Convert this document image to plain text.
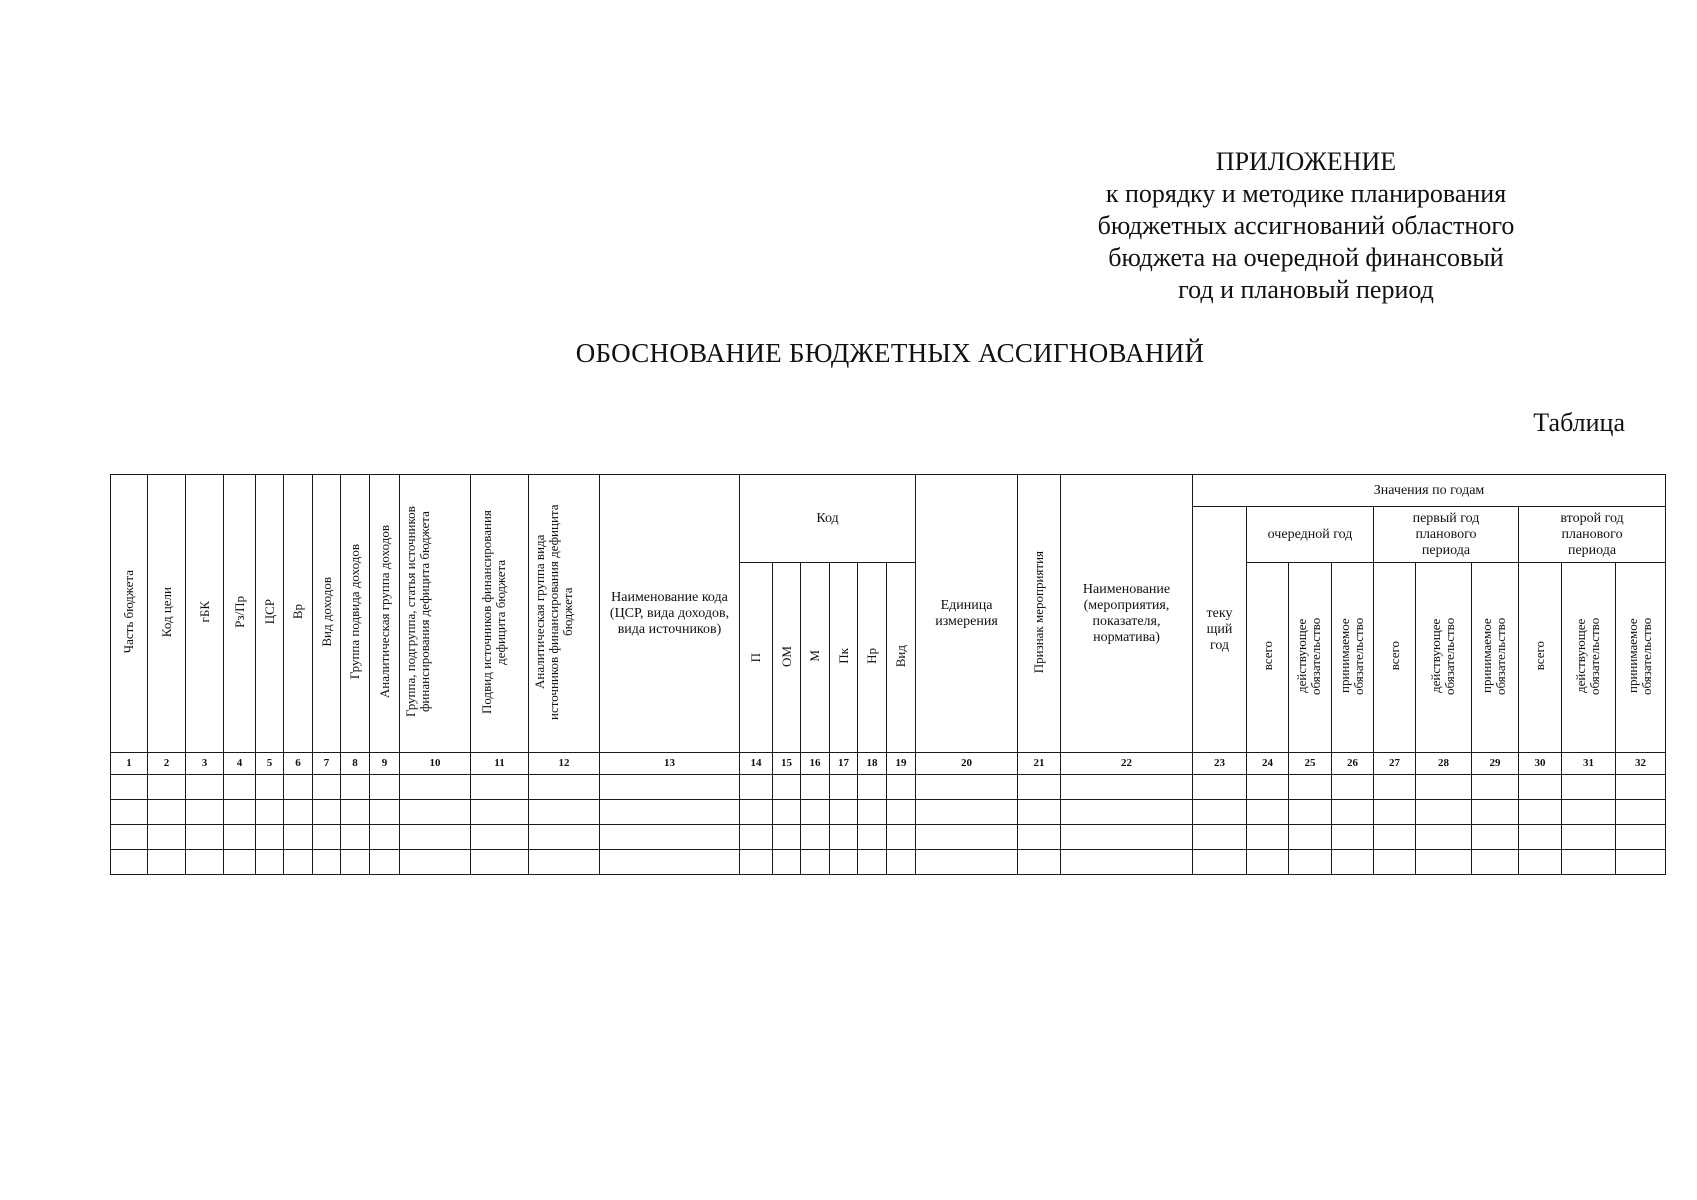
ПРИЛОЖЕНИЕ
к порядку и методике планирования
бюджетных ассигнований областного
бюджета на очередной финансовый
год и плановый период
ОБОСНОВАНИЕ БЮДЖЕТНЫХ АССИГНОВАНИЙ
Таблица
Часть бюджета	Код цели	гБК	Рз/Пр	ЦСР	Вр	Вид доходов	Группа подвида доходов	Аналитическая группа доходов	Группа, подгруппа, статья источников финансирования дефицита бюджета	Подвид источников финансирования дефицита бюджета	Аналитическая группа вида источников финансирования дефицита бюджета	Наименование кода (ЦСР, вида доходов, вида источников)	Код						Единица измерения	Признак мероприятия	Наименование (мероприятия, показателя, норматива)	Значения по годам									

																						теку щий год	очередной год			первый год планового периода			второй год планового периода		

													П	ОМ	М	Пк	Нр	Вид					всего	действующее обязательство	принимаемое обязательство	всего	действующее обязательство	принимаемое обязательство	всего	действующее обязательство	принимаемое обязательство
1	2	3	4	5	6	7	8	9	10	11	12	13	14	15	16	17	18	19	20	21	22	23	24	25	26	27	28	29	30	31	32
